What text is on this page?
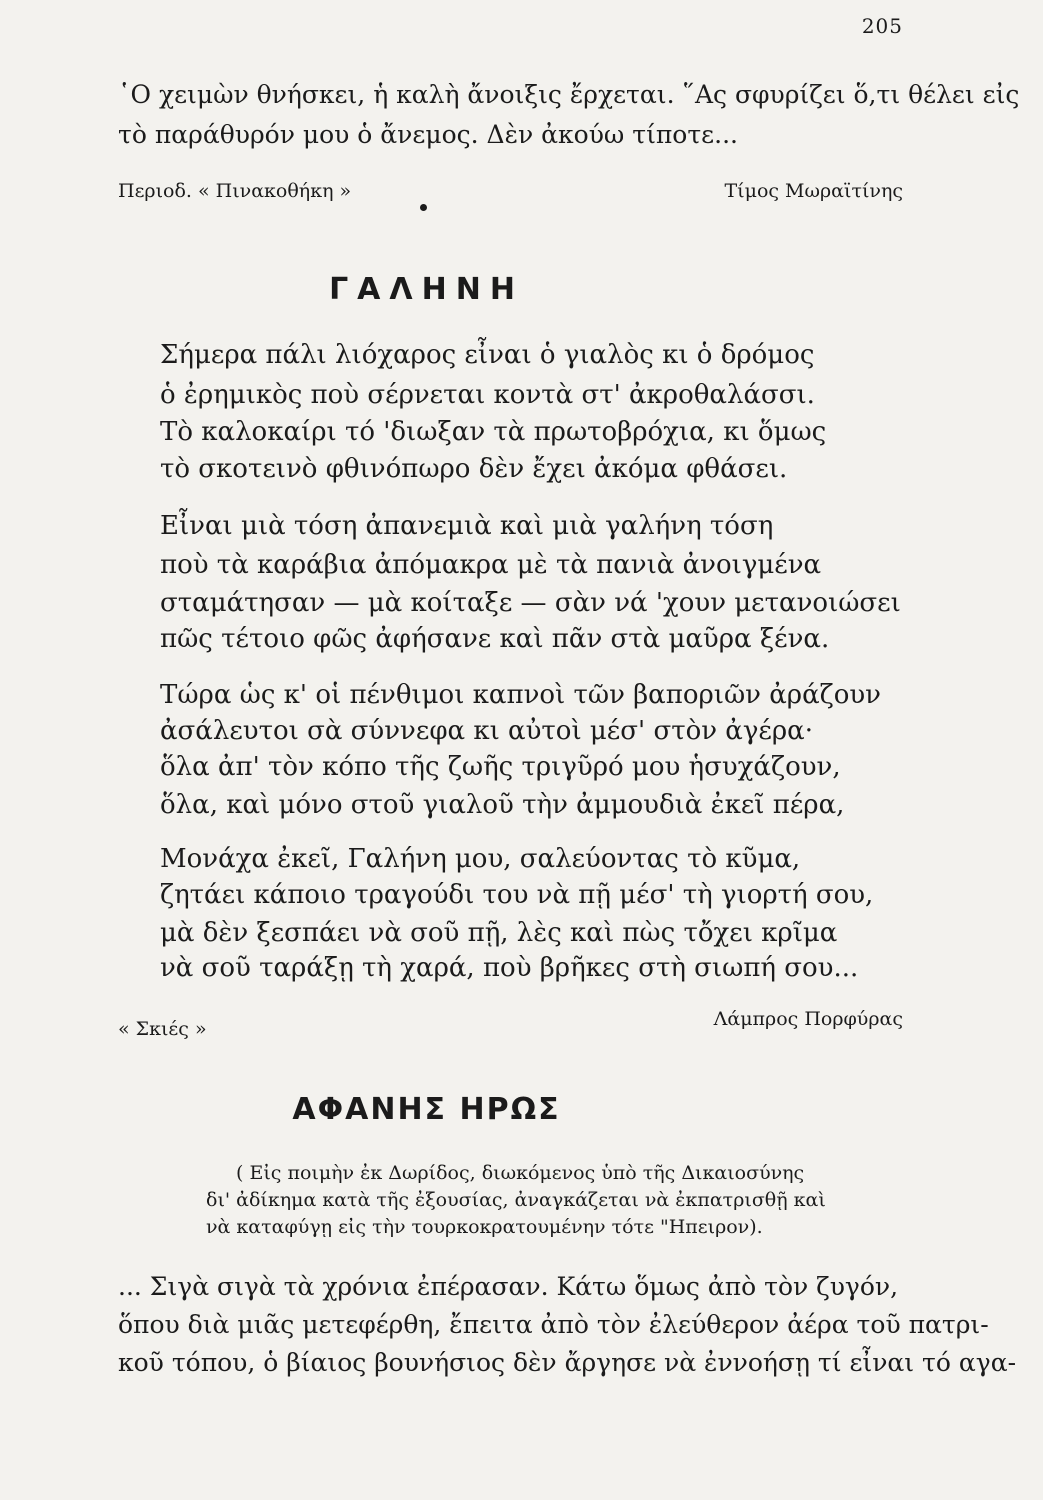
205
῾Ο χειμὼν θνήσκει, ἡ καλὴ ἄνοιξις ἔρχεται. ῞Ας σφυρίζει ὅ,τι θέλει εἰς
τὸ παράθυρόν μου ὁ ἄνεμος. Δὲν ἀκούω τίποτε...
Περιοδ. « Πινακοθήκη »	Τίμος Μωραϊτίνης
ΓΑΛΗΝΗ
Σήμερα πάλι λιόχαρος εἶναι ὁ γιαλὸς κι ὁ δρόμος
ὁ ἐρημικὸς ποὺ σέρνεται κοντὰ στ' ἀκροθαλάσσι.
Τὸ καλοκαίρι τό 'διωξαν τὰ πρωτοβρόχια, κι ὅμως
τὸ σκοτεινὸ φθινόπωρο δὲν ἔχει ἀκόμα φθάσει.
Εἶναι μιὰ τόση ἀπανεμιὰ καὶ μιὰ γαλήνη τόση
ποὺ τὰ καράβια ἀπόμακρα μὲ τὰ πανιὰ ἀνοιγμένα
σταμάτησαν — μὰ κοίταξε — σὰν νά 'χουν μετανοιώσει
πῶς τέτοιο φῶς ἀφήσανε καὶ πᾶν στὰ μαῦρα ξένα.
Τώρα ὡς κ' οἱ πένθιμοι καπνοὶ τῶν βαποριῶν ἀράζουν
ἀσάλευτοι σὰ σύννεφα κι αὐτοὶ μέσ' στὸν ἀγέρα·
ὅλα ἀπ' τὸν κόπο τῆς ζωῆς τριγῦρό μου ἡσυχάζουν,
ὅλα, καὶ μόνο στοῦ γιαλοῦ τὴν ἀμμουδιὰ ἐκεῖ πέρα,
Μονάχα ἐκεῖ, Γαλήνη μου, σαλεύοντας τὸ κῦμα,
ζητάει κάποιο τραγούδι του νὰ πῇ μέσ' τὴ γιορτή σου,
μὰ δὲν ξεσπάει νὰ σοῦ πῇ, λὲς καὶ πὼς τὄχει κρῖμα
νὰ σοῦ ταράξῃ τὴ χαρά, ποὺ βρῆκες στὴ σιωπή σου...
« Σκιές »	Λάμπρος Πορφύρας
ΑΦΑΝΗΣ ΗΡΩΣ
( Εἰς ποιμὴν ἐκ Δωρίδος, διωκόμενος ὑπὸ τῆς Δικαιοσύνης
δι' ἀδίκημα κατὰ τῆς ἐξουσίας, ἀναγκάζεται νὰ ἐκπατρισθῇ καὶ
νὰ καταφύγῃ εἰς τὴν τουρκοκρατουμένην τότε "Ηπειρον).
... Σιγὰ σιγὰ τὰ χρόνια ἐπέρασαν. Κάτω ὅμως ἀπὸ τὸν ζυγόν,
ὅπου διὰ μιᾶς μετεφέρθη, ἔπειτα ἀπὸ τὸν ἐλεύθερον ἀέρα τοῦ πατρι-
κοῦ τόπου, ὁ βίαιος βουνήσιος δὲν ἄργησε νὰ ἐννοήσῃ τί εἶναι τό αγα-
